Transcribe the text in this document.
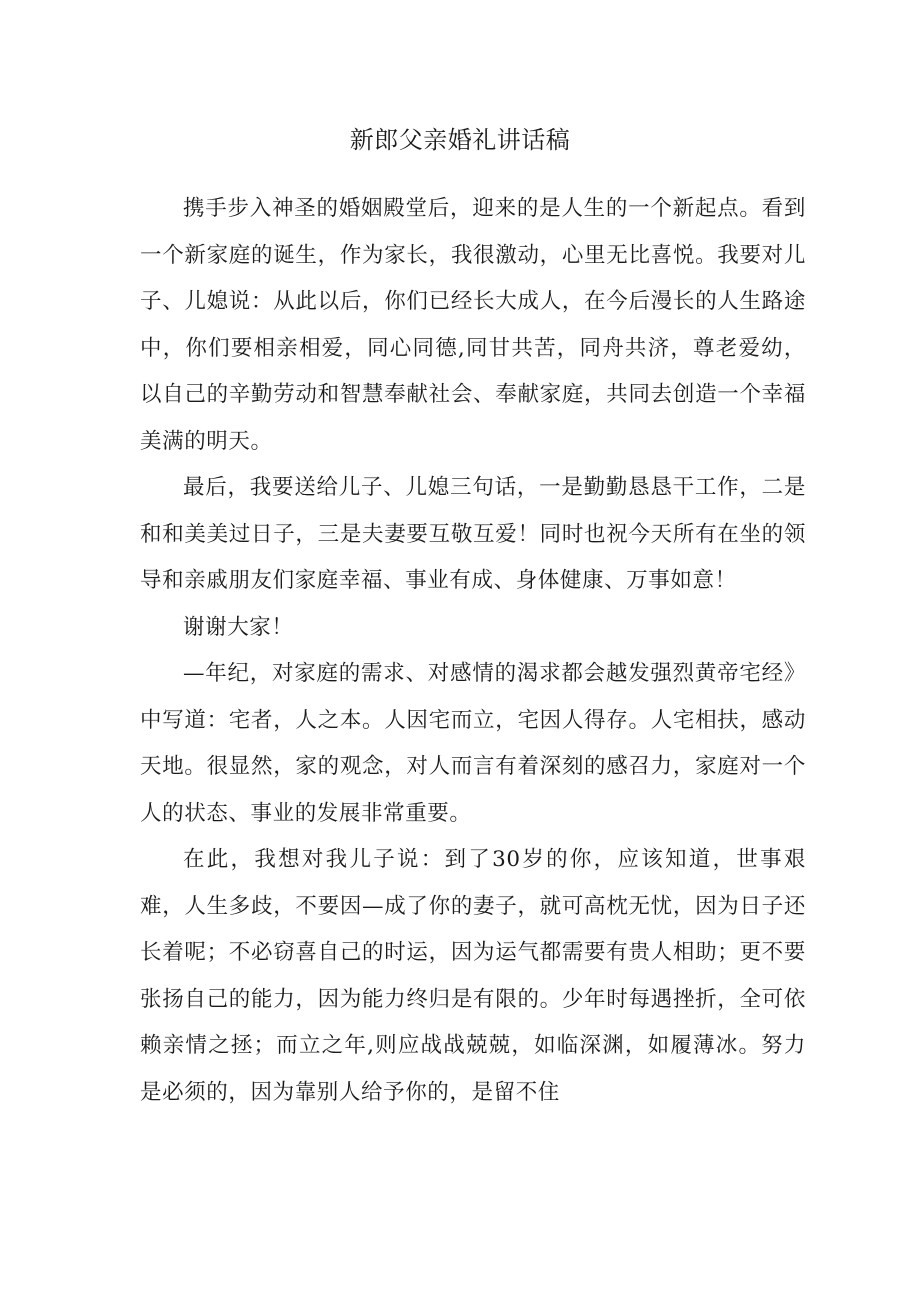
新郎父亲婚礼讲话稿

携手步入神圣的婚姻殿堂后，迎来的是人生的一个新起点。看到一个新家庭的诞生，作为家长，我很激动，心里无比喜悦。我要对儿子、儿媳说：从此以后，你们已经长大成人，在今后漫长的人生路途中，你们要相亲相爱，同心同德,同甘共苦，同舟共济，尊老爱幼，以自己的辛勤劳动和智慧奉献社会、奉献家庭，共同去创造一个幸福美满的明天。

最后，我要送给儿子、儿媳三句话，一是勤勤恳恳干工作，二是和和美美过日子，三是夫妻要互敬互爱！同时也祝今天所有在坐的领导和亲戚朋友们家庭幸福、事业有成、身体健康、万事如意！

谢谢大家！

—年纪，对家庭的需求、对感情的渴求都会越发强烈黄帝宅经》中写道：宅者，人之本。人因宅而立，宅因人得存。人宅相扶，感动天地。很显然，家的观念，对人而言有着深刻的感召力，家庭对一个人的状态、事业的发展非常重要。

在此，我想对我儿子说：到了30岁的你，应该知道，世事艰难，人生多歧，不要因—成了你的妻子，就可高枕无忧，因为日子还长着呢；不必窃喜自己的时运，因为运气都需要有贵人相助；更不要张扬自己的能力，因为能力终归是有限的。少年时每遇挫折，全可依赖亲情之拯；而立之年,则应战战兢兢，如临深渊，如履薄冰。努力是必须的，因为靠别人给予你的，是留不住
